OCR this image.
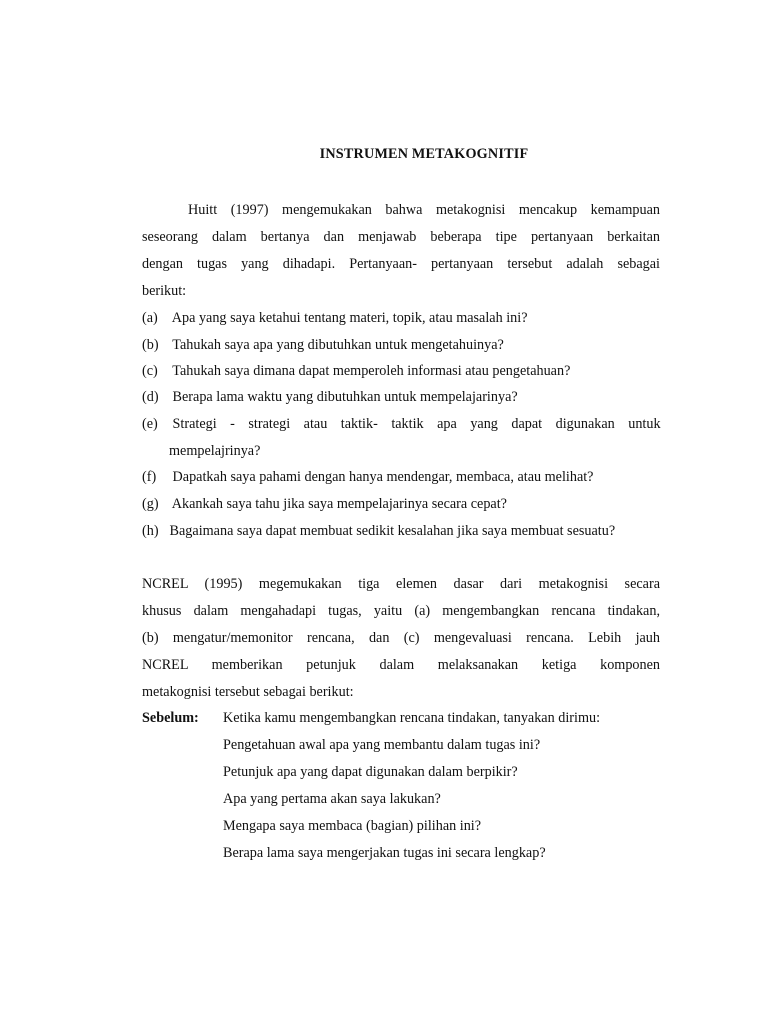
INSTRUMEN METAKOGNITIF
Huitt (1997) mengemukakan bahwa metakognisi mencakup kemampuan
seseorang dalam bertanya dan menjawab beberapa tipe pertanyaan berkaitan
dengan tugas yang dihadapi. Pertanyaan- pertanyaan tersebut adalah sebagai
berikut:
(a) Apa yang saya ketahui tentang materi, topik, atau masalah ini?
(b) Tahukah saya apa yang dibutuhkan untuk mengetahuinya?
(c) Tahukah saya dimana dapat memperoleh informasi atau pengetahuan?
(d) Berapa lama waktu yang dibutuhkan untuk mempelajarinya?
(e) Strategi - strategi atau taktik- taktik apa yang dapat digunakan untuk
mempelajrinya?
(f) Dapatkah saya pahami dengan hanya mendengar, membaca, atau melihat?
(g) Akankah saya tahu jika saya mempelajarinya secara cepat?
(h) Bagaimana saya dapat membuat sedikit kesalahan jika saya membuat sesuatu?
NCREL (1995) megemukakan tiga elemen dasar dari metakognisi secara
khusus dalam mengahadapi tugas, yaitu (a) mengembangkan rencana tindakan,
(b) mengatur/memonitor rencana, dan (c) mengevaluasi rencana. Lebih jauh
NCREL memberikan petunjuk dalam melaksanakan ketiga komponen
metakognisi tersebut sebagai berikut:
Sebelum: Ketika kamu mengembangkan rencana tindakan, tanyakan dirimu:
Pengetahuan awal apa yang membantu dalam tugas ini?
Petunjuk apa yang dapat digunakan dalam berpikir?
Apa yang pertama akan saya lakukan?
Mengapa saya membaca (bagian) pilihan ini?
Berapa lama saya mengerjakan tugas ini secara lengkap?
